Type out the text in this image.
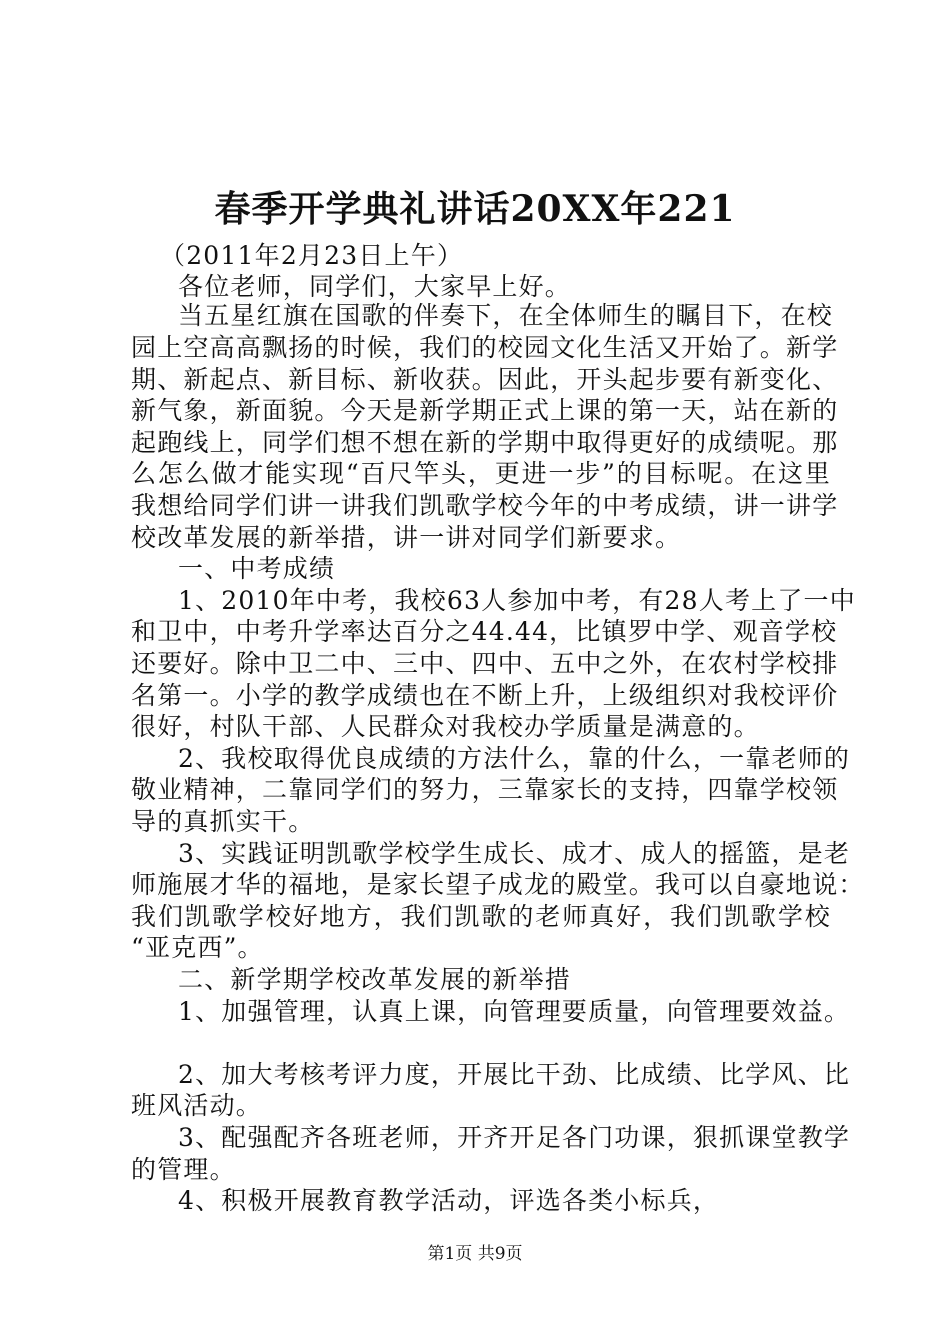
春季开学典礼讲话20XX年221
（2011年2月23日上午）
各位老师，同学们，大家早上好。
当五星红旗在国歌的伴奏下，在全体师生的瞩目下，在校
园上空高高飘扬的时候，我们的校园文化生活又开始了。新学
期、新起点、新目标、新收获。因此，开头起步要有新变化、
新气象，新面貌。今天是新学期正式上课的第一天，站在新的
起跑线上，同学们想不想在新的学期中取得更好的成绩呢。那
么怎么做才能实现“百尺竿头，更进一步”的目标呢。在这里
我想给同学们讲一讲我们凯歌学校今年的中考成绩，讲一讲学
校改革发展的新举措，讲一讲对同学们新要求。
一、中考成绩
1、2010年中考，我校63人参加中考，有28人考上了一中
和卫中，中考升学率达百分之44.44，比镇罗中学、观音学校
还要好。除中卫二中、三中、四中、五中之外，在农村学校排
名第一。小学的教学成绩也在不断上升，上级组织对我校评价
很好，村队干部、人民群众对我校办学质量是满意的。
2、我校取得优良成绩的方法什么，靠的什么，一靠老师的
敬业精神，二靠同学们的努力，三靠家长的支持，四靠学校领
导的真抓实干。
3、实践证明凯歌学校学生成长、成才、成人的摇篮，是老
师施展才华的福地，是家长望子成龙的殿堂。我可以自豪地说：
我们凯歌学校好地方，我们凯歌的老师真好，我们凯歌学校
“亚克西”。
二、新学期学校改革发展的新举措
1、加强管理，认真上课，向管理要质量，向管理要效益。
2、加大考核考评力度，开展比干劲、比成绩、比学风、比
班风活动。
3、配强配齐各班老师，开齐开足各门功课，狠抓课堂教学
的管理。
4、积极开展教育教学活动，评选各类小标兵，
第1页 共9页
